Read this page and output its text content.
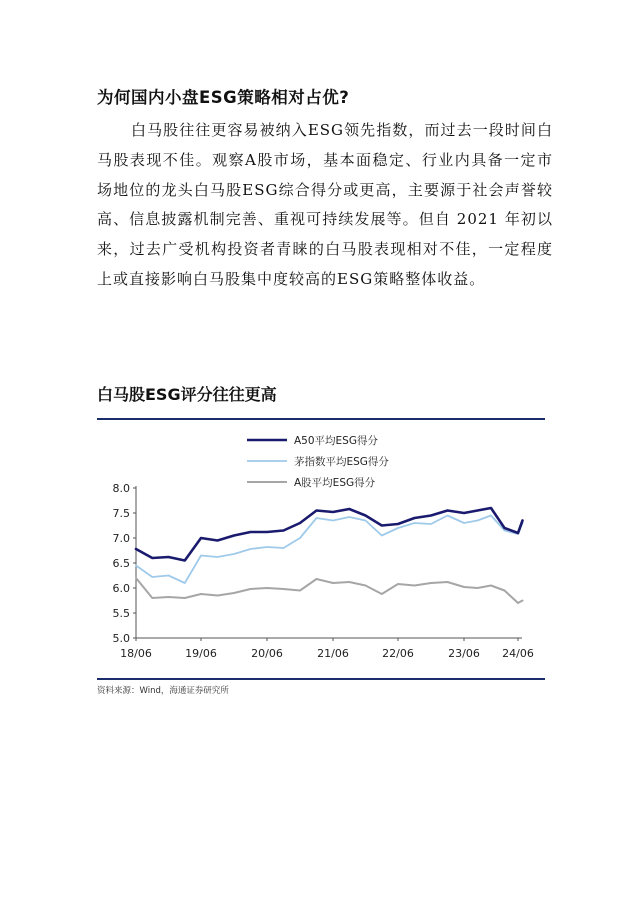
为何国内小盘ESG策略相对占优?

白马股往往更容易被纳入ESG领先指数，而过去一段时间白马股表现不佳。观察A股市场，基本面稳定、行业内具备一定市场地位的龙头白马股ESG综合得分或更高，主要源于社会声誉较高、信息披露机制完善、重视可持续发展等。但自 2021 年初以来，过去广受机构投资者青睐的白马股表现相对不佳，一定程度上或直接影响白马股集中度较高的ESG策略整体收益。

白马股ESG评分往往更高
A50平均ESG得分
茅指数平均ESG得分
A股平均ESG得分
5.0
5.5
6.0
6.5
7.0
7.5
8.0
18/06	19/06	20/06	21/06	22/06	23/06 24/06

资料来源：Wind，海通证券研究所
